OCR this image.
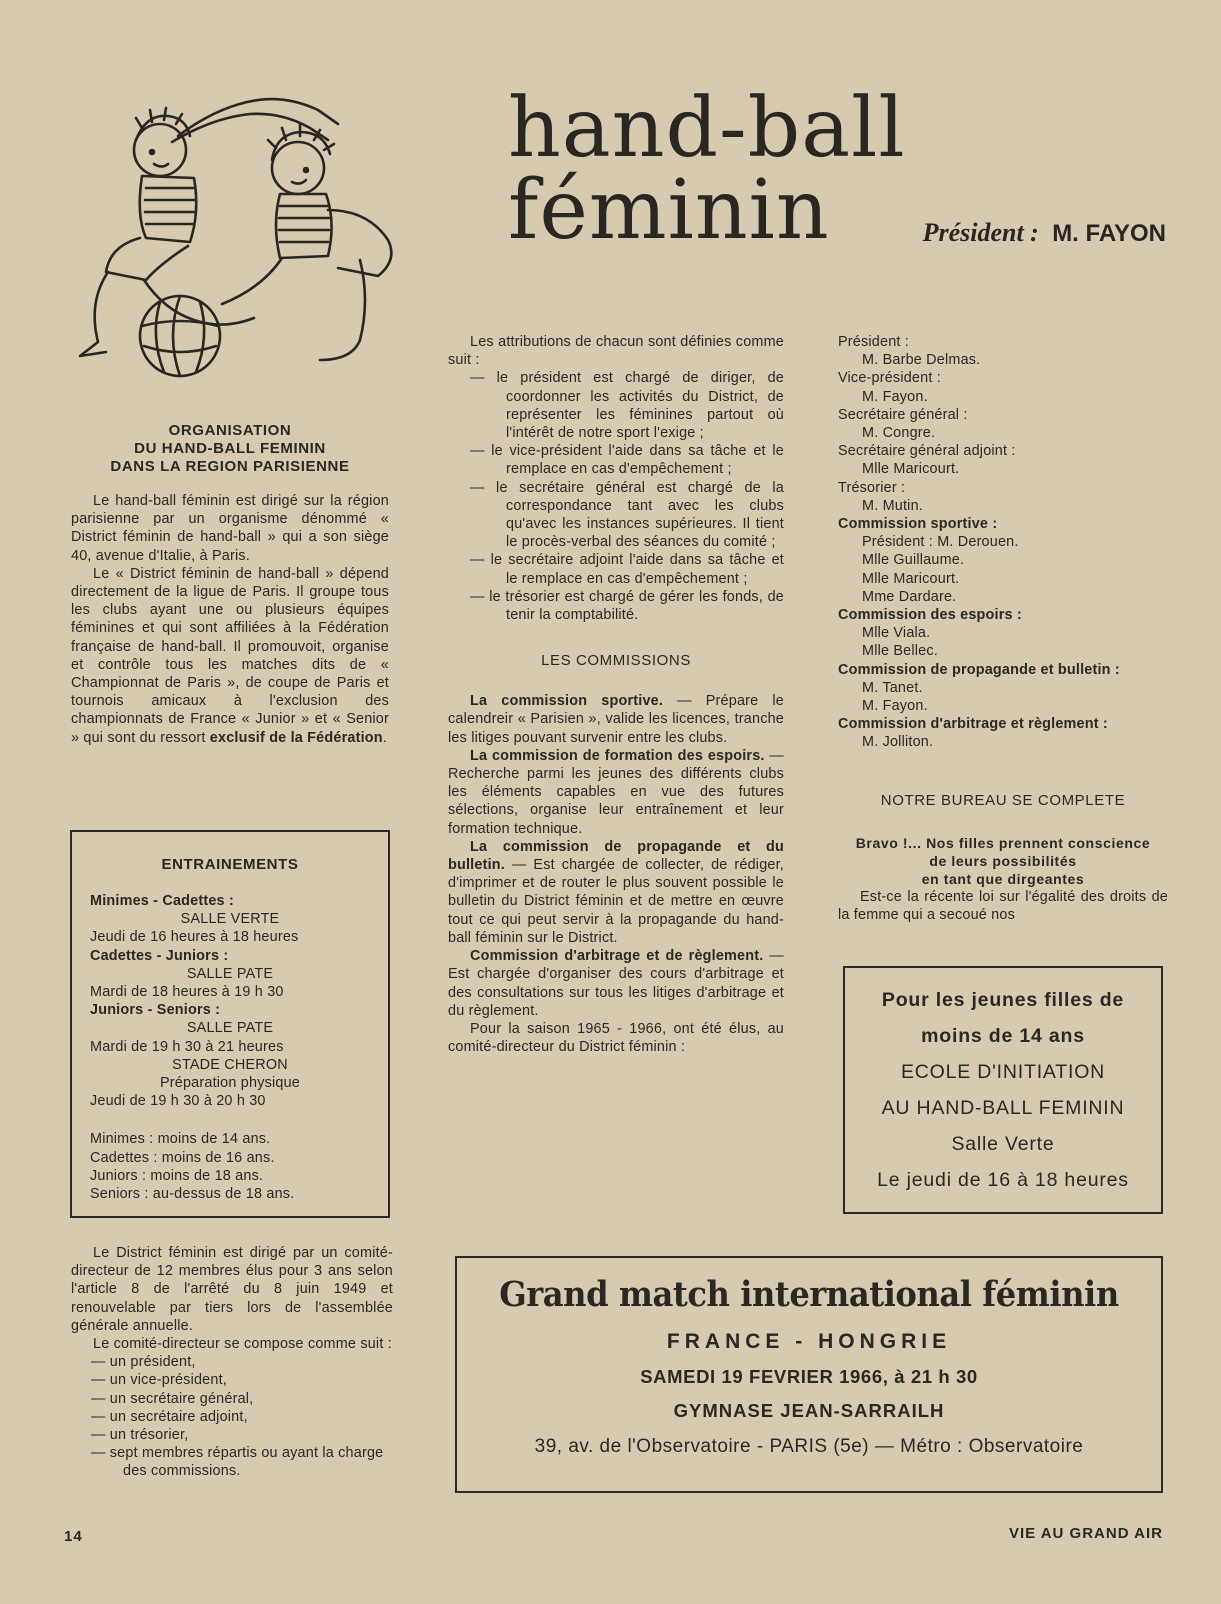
hand-ball féminin	Président : M. FAYON
ORGANISATION
DU HAND-BALL FEMININ
DANS LA REGION PARISIENNE

Le hand-ball féminin est dirigé sur la région parisienne par un organisme dénommé « District féminin de hand-ball » qui a son siège 40, avenue d'Italie, à Paris.

Le « District féminin de hand-ball » dépend directement de la ligue de Paris. Il groupe tous les clubs ayant une ou plusieurs équipes féminines et qui sont affiliées à la Fédération française de hand-ball. Il promouvoit, organise et contrôle tous les matches dits de « Championnat de Paris », de coupe de Paris et tournois amicaux à l'exclusion des championnats de France « Junior » et « Senior » qui sont du ressort exclusif de la Fédération.

ENTRAINEMENTS

Minimes - Cadettes :

SALLE VERTE

Jeudi de 16 heures à 18 heures

Cadettes - Juniors :

SALLE PATE

Mardi de 18 heures à 19 h 30

Juniors - Seniors :

SALLE PATE

Mardi de 19 h 30 à 21 heures

STADE CHERON

Préparation physique

Jeudi de 19 h 30 à 20 h 30

Minimes : moins de 14 ans.

Cadettes : moins de 16 ans.

Juniors : moins de 18 ans.

Seniors : au-dessus de 18 ans.

Le District féminin est dirigé par un comité-directeur de 12 membres élus pour 3 ans selon l'article 8 de l'arrêté du 8 juin 1949 et renouvelable par tiers lors de l'assemblée générale annuelle.

Le comité-directeur se compose comme suit :

— un président,

— un vice-président,

— un secrétaire général,

— un secrétaire adjoint,

— un trésorier,

— sept membres répartis ou ayant la charge des commissions.

Les attributions de chacun sont définies comme suit :

— le président est chargé de diriger, de coordonner les activités du District, de représenter les féminines partout où l'intérêt de notre sport l'exige ;

— le vice-président l'aide dans sa tâche et le remplace en cas d'empêchement ;

— le secrétaire général est chargé de la correspondance tant avec les clubs qu'avec les instances supérieures. Il tient le procès-verbal des séances du comité ;

— le secrétaire adjoint l'aide dans sa tâche et le remplace en cas d'empêchement ;

— le trésorier est chargé de gérer les fonds, de tenir la comptabilité.

LES COMMISSIONS

La commission sportive. — Prépare le calendreir « Parisien », valide les licences, tranche les litiges pouvant survenir entre les clubs.

La commission de formation des espoirs. — Recherche parmi les jeunes des différents clubs les éléments capables en vue des futures sélections, organise leur entraînement et leur formation technique.

La commission de propagande et du bulletin. — Est chargée de collecter, de rédiger, d'imprimer et de router le plus souvent possible le bulletin du District féminin et de mettre en œuvre tout ce qui peut servir à la propagande du hand-ball féminin sur le District.

Commission d'arbitrage et de règlement. — Est chargée d'organiser des cours d'arbitrage et des consultations sur tous les litiges d'arbitrage et du règlement.

Pour la saison 1965 - 1966, ont été élus, au comité-directeur du District féminin :

Président :

M. Barbe Delmas.

Vice-président :

M. Fayon.

Secrétaire général :

M. Congre.

Secrétaire général adjoint :

Mlle Maricourt.

Trésorier :

M. Mutin.

Commission sportive :

Président : M. Derouen.

Mlle Guillaume.

Mlle Maricourt.

Mme Dardare.

Commission des espoirs :

Mlle Viala.

Mlle Bellec.

Commission de propagande et bulletin :

M. Tanet.

M. Fayon.

Commission d'arbitrage et règlement :

M. Jolliton.

NOTRE BUREAU SE COMPLETE
Bravo !... Nos filles prennent conscience
de leurs possibilités
en tant que dirgeantes

Est-ce la récente loi sur l'égalité des droits de la femme qui a secoué nos

Pour les jeunes filles de

moins de 14 ans

ECOLE D'INITIATION

AU HAND-BALL FEMININ

Salle Verte

Le jeudi de 16 à 18 heures

Grand match international féminin

FRANCE - HONGRIE

SAMEDI 19 FEVRIER 1966, à 21 h 30

GYMNASE JEAN-SARRAILH

39, av. de l'Observatoire - PARIS (5e) — Métro : Observatoire

14	VIE AU GRAND AIR
